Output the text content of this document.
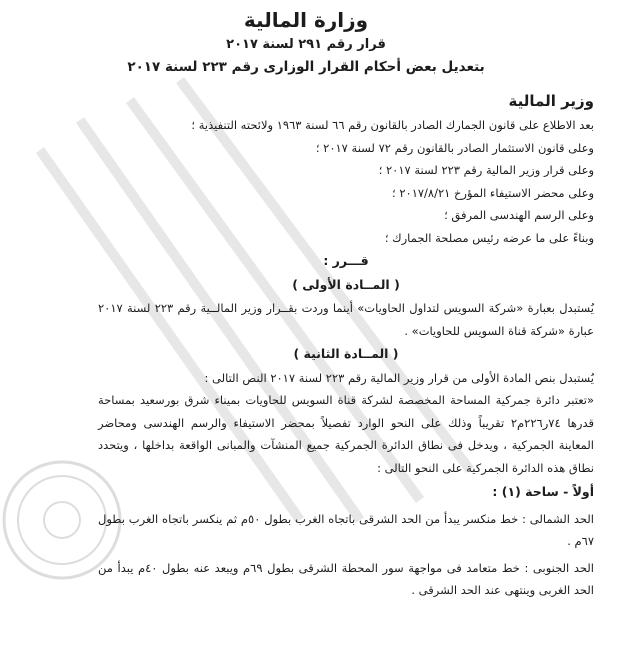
وزارة المالية
قرار رقم ٢٩١ لسنة ٢٠١٧
بتعديل بعض أحكام القرار الوزارى رقم ٢٢٣ لسنة ٢٠١٧
وزير المالية

بعد الاطلاع على قانون الجمارك الصادر بالقانون رقم ٦٦ لسنة ١٩٦٣ ولائحته التنفيذية ؛

وعلى قانون الاستثمار الصادر بالقانون رقم ٧٢ لسنة ٢٠١٧ ؛

وعلى قرار وزير المالية رقم ٢٢٣ لسنة ٢٠١٧ ؛

وعلى محضر الاستيفاء المؤرخ ٢٠١٧/٨/٢١ ؛

وعلى الرسم الهندسى المرفق ؛

وبناءً على ما عرضه رئيس مصلحة الجمارك ؛

قـــرر :
( المــادة الأولى )

يُستبدل بعبارة «شركة السويس لتداول الحاويات» أينما وردت بقــرار وزير المالــية رقم ٢٢٣ لسنة ٢٠١٧ عبارة «شركة قناة السويس للحاويات» .

( المــادة الثانية )

يُستبدل بنص المادة الأولى من قرار وزير المالية رقم ٢٢٣ لسنة ٢٠١٧ النص التالى :

«تعتبر دائرة جمركية المساحة المخصصة لشركة قناة السويس للحاويات بميناء شرق بورسعيد بمساحة قدرها ٧٤ر٢٢٦م٢ تقريباً وذلك على النحو الوارد تفصيلاً بمحضر الاستيفاء والرسم الهندسى ومحاضر المعاينة الجمركية ، ويدخل فى نطاق الدائرة الجمركية جميع المنشآت والمبانى الواقعة بداخلها ، ويتحدد نطاق هذه الدائرة الجمركية على النحو التالى :

أولاً - ساحة (١) :

الحد الشمالى : خط منكسر يبدأ من الحد الشرقى باتجاه الغرب بطول ٥٠م ثم ينكسر باتجاه الغرب بطول ٦٧م .

الحد الجنوبى : خط متعامد فى مواجهة سور المحطة الشرقى بطول ٦٩م ويبعد عنه بطول ٤٠م يبدأ من الحد الغربى وينتهى عند الحد الشرقى .
